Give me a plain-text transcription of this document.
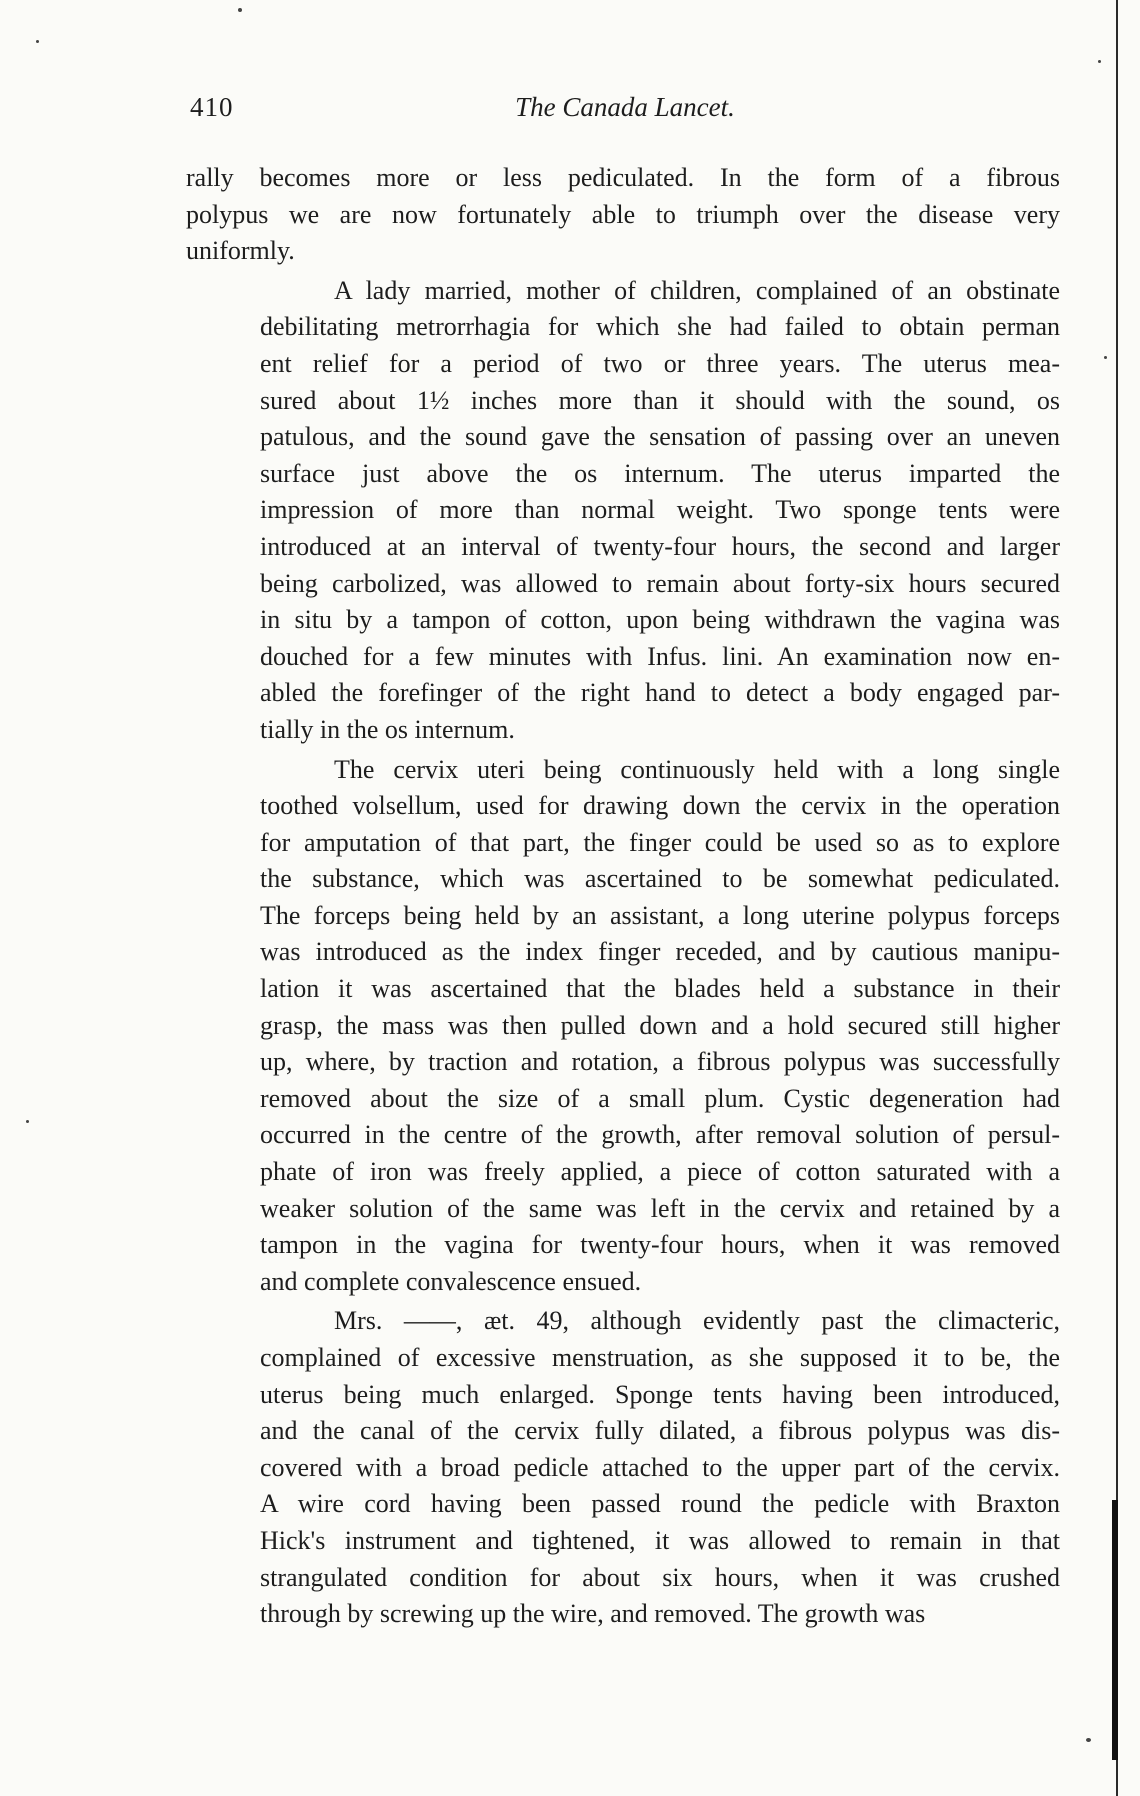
410	The Canada Lancet.

rally becomes more or less pediculated. In the form of a fibrous
polypus we are now fortunately able to triumph over the disease very
uniformly.

A lady married, mother of children, complained of an obstinate
debilitating metrorrhagia for which she had failed to obtain perman
ent relief for a period of two or three years. The uterus mea-
sured about 1½ inches more than it should with the sound, os
patulous, and the sound gave the sensation of passing over an uneven
surface just above the os internum. The uterus imparted the
impression of more than normal weight. Two sponge tents were
introduced at an interval of twenty-four hours, the second and larger
being carbolized, was allowed to remain about forty-six hours secured
in situ by a tampon of cotton, upon being withdrawn the vagina was
douched for a few minutes with Infus. lini. An examination now en-
abled the forefinger of the right hand to detect a body engaged par-
tially in the os internum.

The cervix uteri being continuously held with a long single
toothed volsellum, used for drawing down the cervix in the operation
for amputation of that part, the finger could be used so as to explore
the substance, which was ascertained to be somewhat pediculated.
The forceps being held by an assistant, a long uterine polypus forceps
was introduced as the index finger receded, and by cautious manipu-
lation it was ascertained that the blades held a substance in their
grasp, the mass was then pulled down and a hold secured still higher
up, where, by traction and rotation, a fibrous polypus was successfully
removed about the size of a small plum. Cystic degeneration had
occurred in the centre of the growth, after removal solution of persul-
phate of iron was freely applied, a piece of cotton saturated with a
weaker solution of the same was left in the cervix and retained by a
tampon in the vagina for twenty-four hours, when it was removed
and complete convalescence ensued.

Mrs. ——, æt. 49, although evidently past the climacteric,
complained of excessive menstruation, as she supposed it to be, the
uterus being much enlarged. Sponge tents having been introduced,
and the canal of the cervix fully dilated, a fibrous polypus was dis-
covered with a broad pedicle attached to the upper part of the cervix.
A wire cord having been passed round the pedicle with Braxton
Hick's instrument and tightened, it was allowed to remain in that
strangulated condition for about six hours, when it was crushed
through by screwing up the wire, and removed. The growth was
